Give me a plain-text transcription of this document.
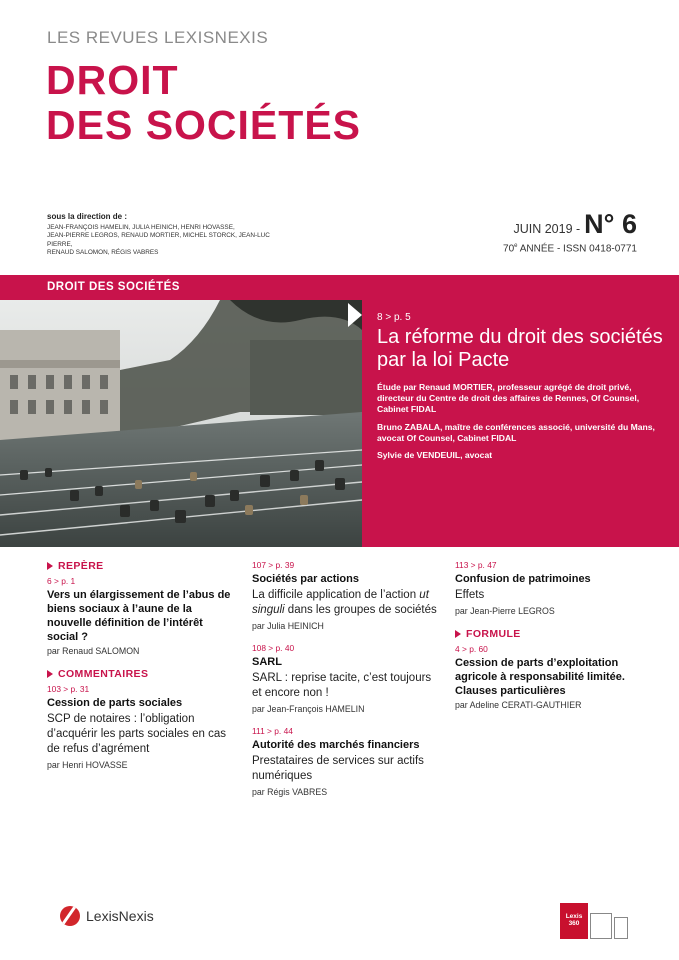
LES REVUES LEXISNEXIS
DROIT
DES SOCIÉTÉS
sous la direction de :
JEAN-FRANÇOIS HAMELIN, JULIA HEINICH, HENRI HOVASSE,
JEAN-PIERRE LEGROS, RENAUD MORTIER, MICHEL STORCK, JEAN-LUC PIERRE,
RENAUD SALOMON, RÉGIS VABRES
JUIN 2019 - N° 6
70e ANNÉE - ISSN 0418-0771
DROIT DES SOCIÉTÉS
8 > p. 5
La réforme du droit des sociétés par la loi Pacte
Étude par Renaud MORTIER, professeur agrégé de droit privé, directeur du Centre de droit des affaires de Rennes, Of Counsel, Cabinet FIDAL
Bruno ZABALA, maître de conférences associé, université du Mans, avocat Of Counsel, Cabinet FIDAL
Sylvie de VENDEUIL, avocat
REPÈRE
6 > p. 1
Vers un élargissement de l’abus de biens sociaux à l’aune de la nouvelle définition de l’intérêt social ?
par Renaud SALOMON
COMMENTAIRES
103 > p. 31
Cession de parts sociales
SCP de notaires : l’obligation d’acquérir les parts sociales en cas de refus d’agrément
par Henri HOVASSE
107 > p. 39
Sociétés par actions
La difficile application de l’action ut singuli dans les groupes de sociétés
par Julia HEINICH
108 > p. 40
SARL
SARL : reprise tacite, c’est toujours et encore non !
par Jean-François HAMELIN
111 > p. 44
Autorité des marchés financiers
Prestataires de services sur actifs numériques
par Régis VABRES
113 > p. 47
Confusion de patrimoines
Effets
par Jean-Pierre LEGROS
FORMULE
4 > p. 60
Cession de parts d’exploitation agricole à responsabilité limitée. Clauses particulières
par Adeline CERATI-GAUTHIER
LexisNexis	Lexis
360
